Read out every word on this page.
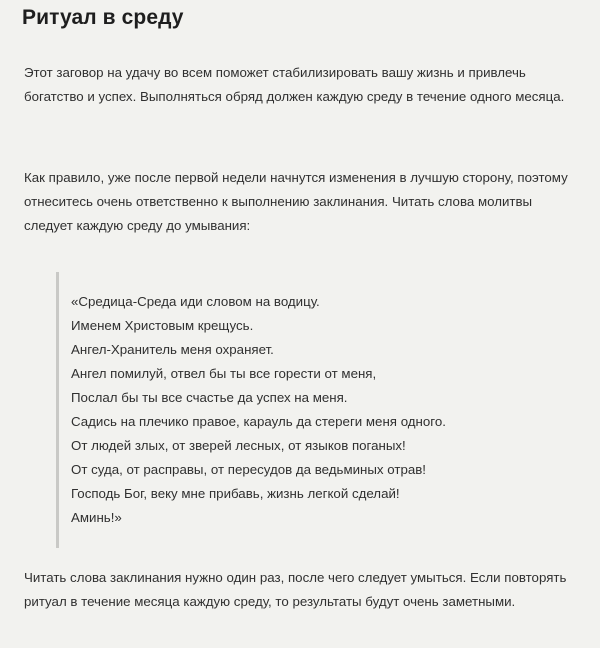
Ритуал в среду

Этот заговор на удачу во всем поможет стабилизировать вашу жизнь и привлечь богатство и успех. Выполняться обряд должен каждую среду в течение одного месяца.

Как правило, уже после первой недели начнутся изменения в лучшую сторону, поэтому отнеситесь очень ответственно к выполнению заклинания. Читать слова молитвы следует каждую среду до умывания:

«Средица-Среда иди словом на водицу.
Именем Христовым крещусь.
Ангел-Хранитель меня охраняет.
Ангел помилуй, отвел бы ты все горести от меня,
Послал бы ты все счастье да успех на меня.
Садись на плечико правое, карауль да стереги меня одного.
От людей злых, от зверей лесных, от языков поганых!
От суда, от расправы, от пересудов да ведьминых отрав!
Господь Бог, веку мне прибавь, жизнь легкой сделай!
Аминь!»

Читать слова заклинания нужно один раз, после чего следует умыться. Если повторять ритуал в течение месяца каждую среду, то результаты будут очень заметными.
